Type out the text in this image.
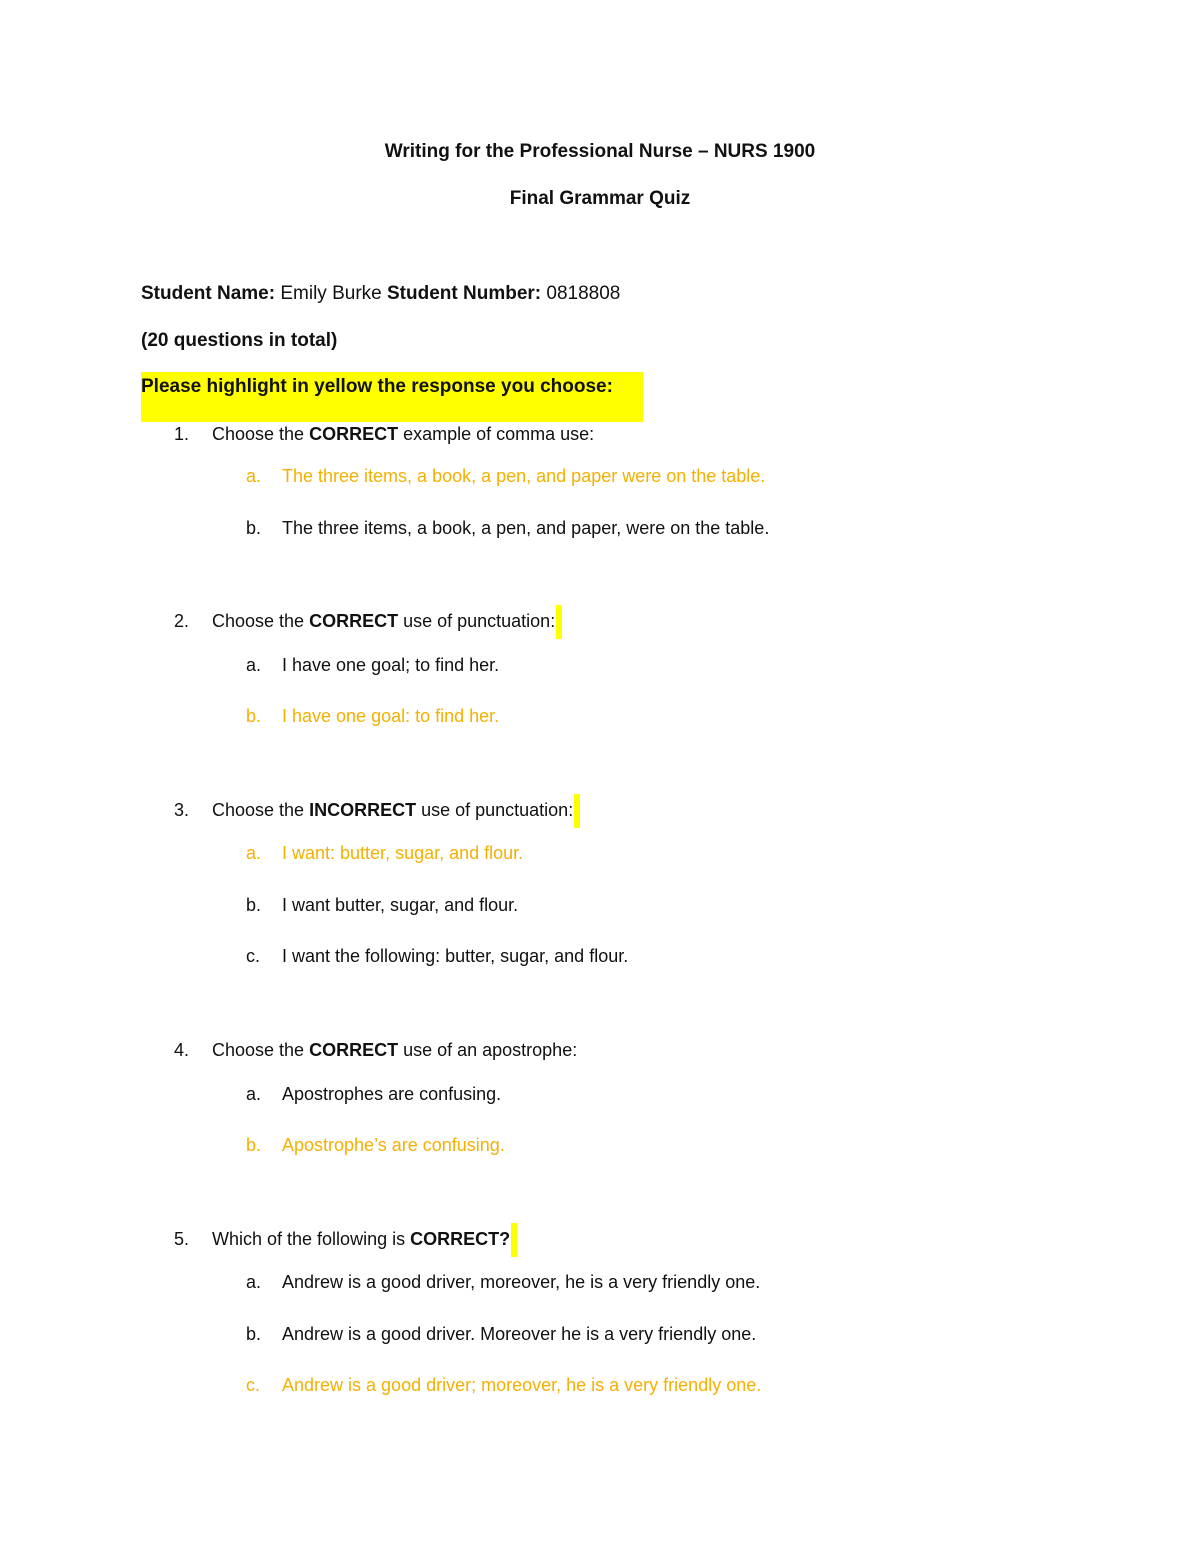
Writing for the Professional Nurse – NURS 1900
Final Grammar Quiz
Student Name: Emily Burke Student Number: 0818808
(20 questions in total)
Please highlight in yellow the response you choose:
1. Choose the CORRECT example of comma use:
a. The three items, a book, a pen, and paper were on the table.
b. The three items, a book, a pen, and paper, were on the table.
2. Choose the CORRECT use of punctuation:
a. I have one goal; to find her.
b. I have one goal: to find her.
3. Choose the INCORRECT use of punctuation:
a. I want: butter, sugar, and flour.
b. I want butter, sugar, and flour.
c. I want the following: butter, sugar, and flour.
4. Choose the CORRECT use of an apostrophe:
a. Apostrophes are confusing.
b. Apostrophe’s are confusing.
5. Which of the following is CORRECT?
a. Andrew is a good driver, moreover, he is a very friendly one.
b. Andrew is a good driver. Moreover he is a very friendly one.
c. Andrew is a good driver; moreover, he is a very friendly one.
